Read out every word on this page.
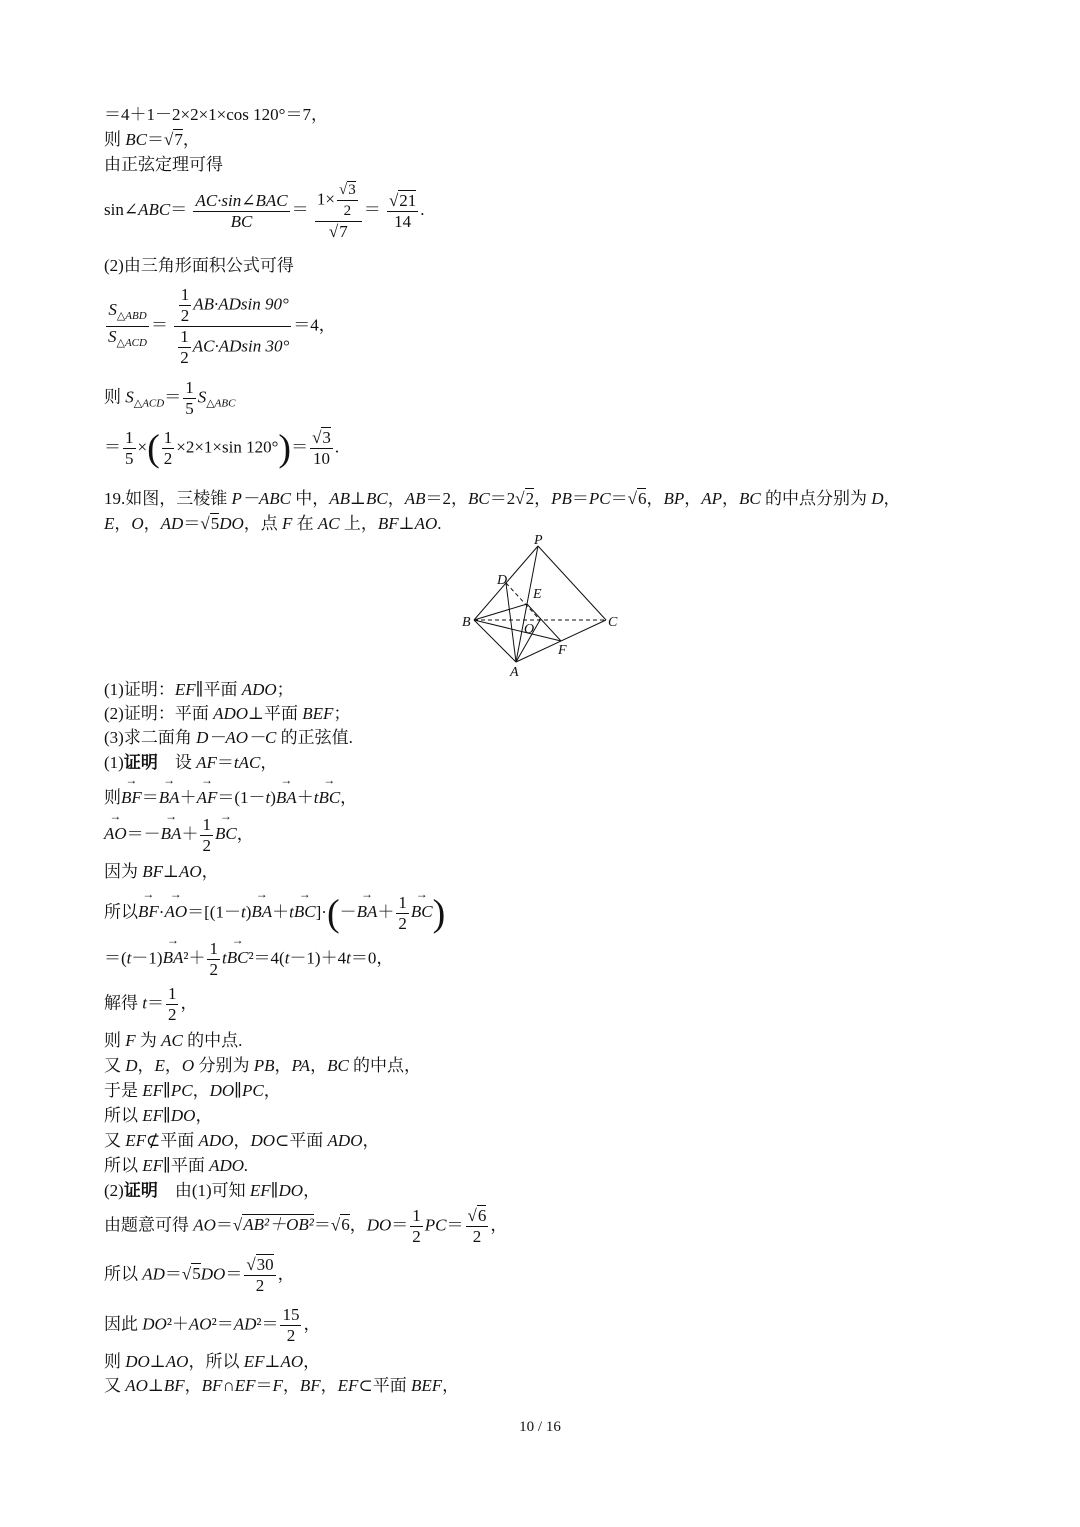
＝4＋1－2×2×1×cos 120°＝7，
则 BC＝√7，
由正弦定理可得
sin∠ABC＝ $\frac{\text{AC·sin∠BAC}}{BC} = \frac{1\times \frac{√3}{2}}{√7} = \frac{√21}{14}$ .
(2)由三角形面积公式可得
$\frac{S_{\triangle ABD}}{S_{\triangle ACD}} = \frac{\frac{1}{2} AB\cdot ADsin 90^\circ}{\frac{1}{2} AC\cdot ADsin 30^\circ} =4$，
则 $S_{\triangle ACD}= \frac{1}{5} S_{\triangle ABC}$
＝ $\frac{1}{5}$ ×( $\frac{1}{2} \times 2\times 1\times\sin$ $120^\circ)= \frac{√3}{10}$ .
19.如图，三棱锥 P－ABC 中，AB⊥BC，AB＝2，BC＝2√2，PB＝PC＝√6，BP，AP，BC 的中点分别为 D，
E，O，AD＝√5DO，点 F 在 AC 上，BF⊥AO.
P
D
E
B	O	C
F
A
(1)证明：EF∥平面 ADO；
(2)证明：平面 ADO⊥平面 BEF；
(3)求二面角 D－AO－C 的正弦值.
(1)证明　设 AF＝tAC，
则→ BF＝→ BA＋→ AF＝(1－t)→ BA＋t→ BC，
→ $AO=-\to BA+ \frac{1}{2}$
→ BC，
因为 BF⊥AO，
所以→ $BF\cdot\to AO=[(1-t)\to BA+t\to BC]\cdot(-\to BA+ \frac{1}{2}$
→ BC)
$=(t-1)\to BA^2+ \frac{1}{2} t\to BC^2=4(t-1)+4t=0$，
解得 $t= \frac{1}{2}$ ，
则 F 为 AC 的中点.
又 D，E，O 分别为 PB，PA，BC 的中点，
于是 EF∥PC，DO∥PC，
所以 EF∥DO，
又 EF⊄平面 ADO，DO⊂平面 ADO，
所以 EF∥平面 ADO.
(2)证明　由(1)可知 EF∥DO，
由题意可得 AO＝√AB²＋OB²＝√6，$DO= \frac{1}{2} PC= \frac{√6}{2}$ ，
所以 $AD=√5DO= \frac{√30}{2}$ ，
因此 $DO^2+AO^2=AD^2= \frac{15}{2}$ ，
则 DO⊥AO，所以 EF⊥AO，
又 AO⊥BF，BF∩EF＝F，BF，EF⊂平面 BEF，
10 / 16
